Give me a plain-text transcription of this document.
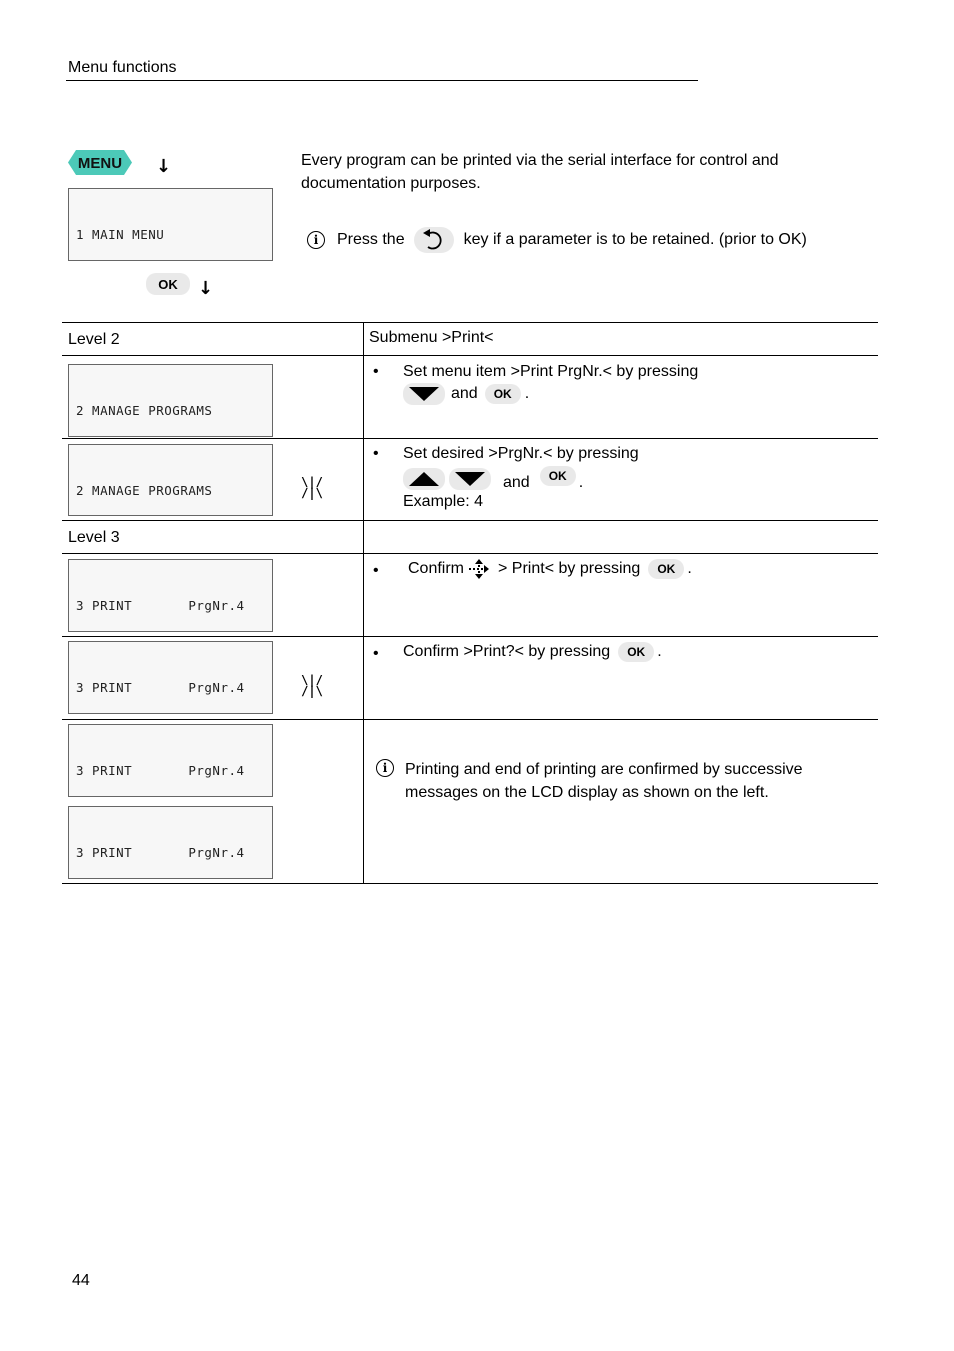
Menu functions
MENU ↓

1 MAIN MENU

OK ↓
Every program can be printed via the serial interface for control and documentation purposes.
i	Press the	key if a parameter is to be retained. (prior to OK)
Level 2	Submenu >Print<

2 MANAGE PROGRAMS

• Set menu item >Print PrgNr.< by pressing
and OK .

2 MANAGE PROGRAMS

\|/
/|\
• Set desired >PrgNr.< by pressing
and OK .
Example: 4
Level 3

3 PRINT       PrgNr.4

• Confirm > Print< by pressing OK .

3 PRINT       PrgNr.4

	\|/
/|\
• Confirm >Print?< by pressing OK .

3 PRINT       PrgNr.4

3 PRINT       PrgNr.4

i	Printing and end of printing are confirmed by successive messages on the LCD display as shown on the left.
44
